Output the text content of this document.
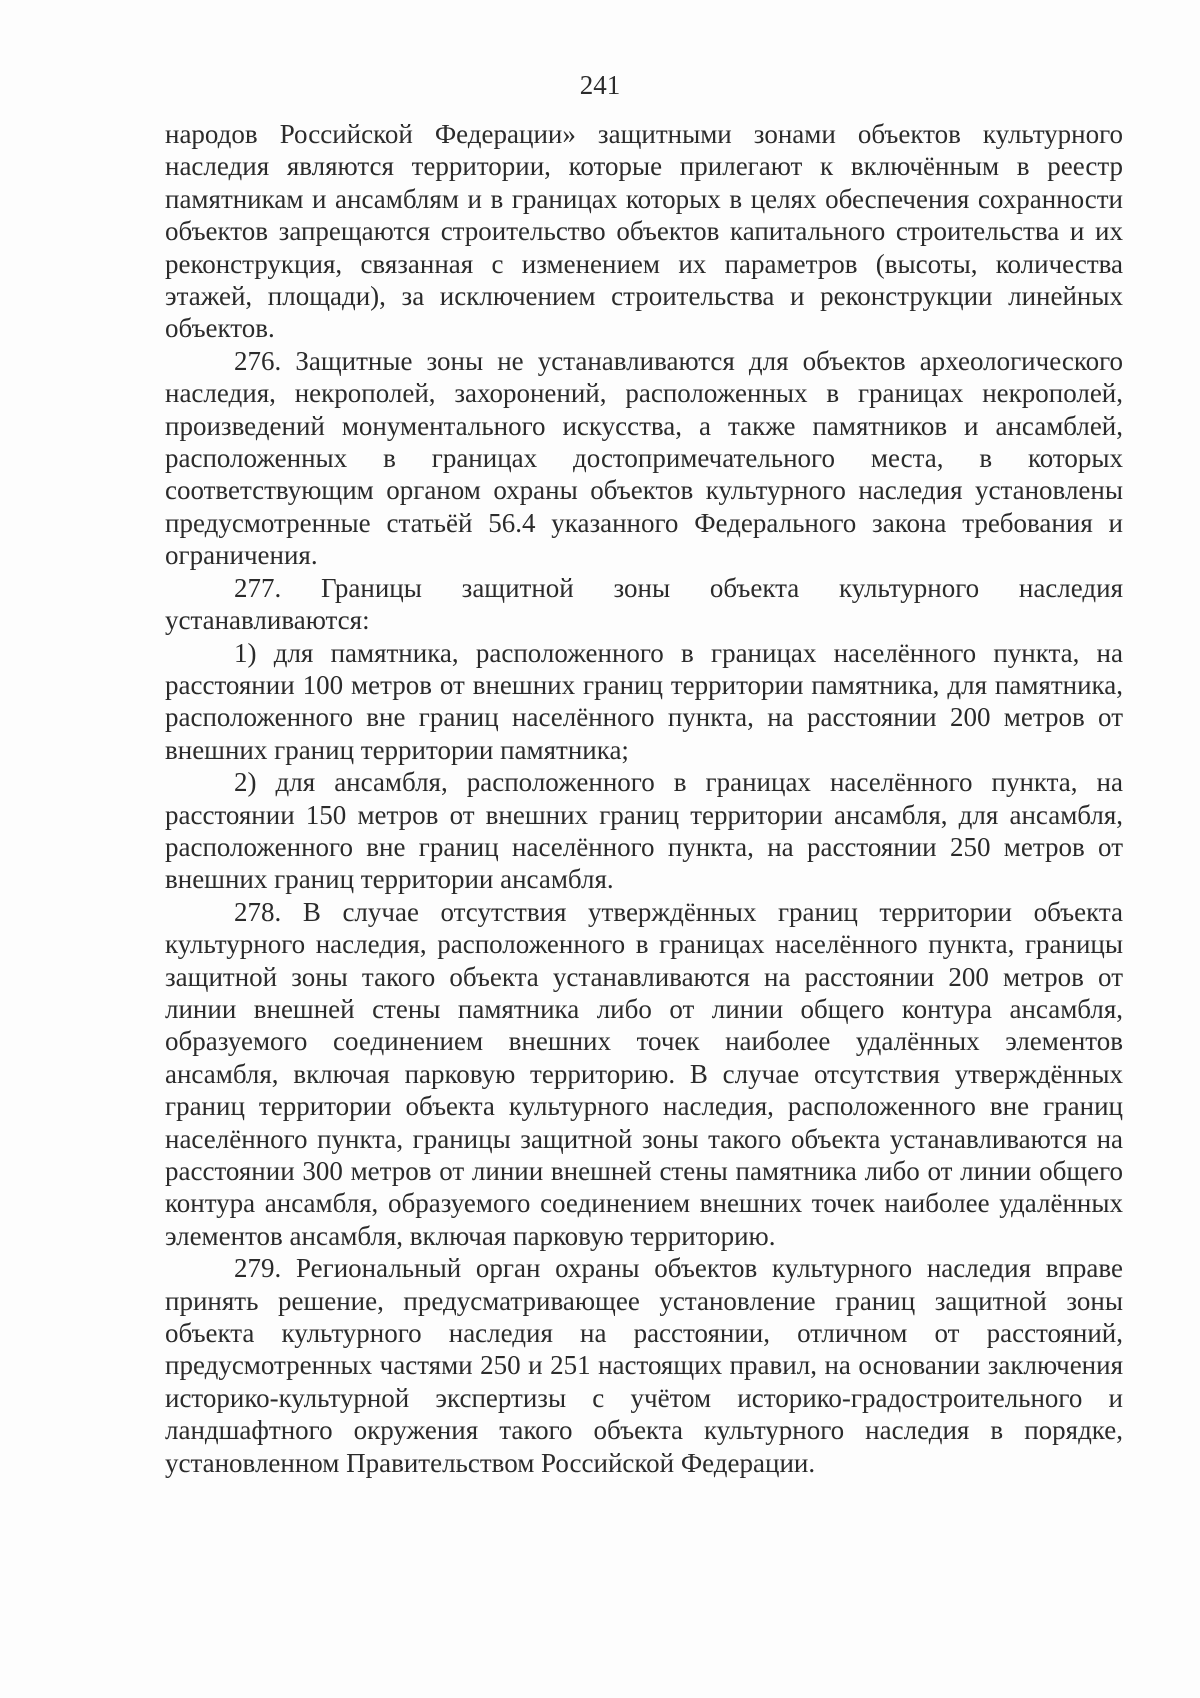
241

народов Российской Федерации» защитными зонами объектов культурного наследия являются территории, которые прилегают к включённым в реестр памятникам и ансамблям и в границах которых в целях обеспечения сохранности объектов запрещаются строительство объектов капитального строительства и их реконструкция, связанная с изменением их параметров (высоты, количества этажей, площади), за исключением строительства и реконструкции линейных объектов.

276. Защитные зоны не устанавливаются для объектов археологического наследия, некрополей, захоронений, расположенных в границах некрополей, произведений монументального искусства, а также памятников и ансамблей, расположенных в границах достопримечательного места, в которых соответствующим органом охраны объектов культурного наследия установлены предусмотренные статьёй 56.4 указанного Федерального закона требования и ограничения.

277. Границы защитной зоны объекта культурного наследия устанавливаются:

1) для памятника, расположенного в границах населённого пункта, на расстоянии 100 метров от внешних границ территории памятника, для памятника, расположенного вне границ населённого пункта, на расстоянии 200 метров от внешних границ территории памятника;

2) для ансамбля, расположенного в границах населённого пункта, на расстоянии 150 метров от внешних границ территории ансамбля, для ансамбля, расположенного вне границ населённого пункта, на расстоянии 250 метров от внешних границ территории ансамбля.

278. В случае отсутствия утверждённых границ территории объекта культурного наследия, расположенного в границах населённого пункта, границы защитной зоны такого объекта устанавливаются на расстоянии 200 метров от линии внешней стены памятника либо от линии общего контура ансамбля, образуемого соединением внешних точек наиболее удалённых элементов ансамбля, включая парковую территорию. В случае отсутствия утверждённых границ территории объекта культурного наследия, расположенного вне границ населённого пункта, границы защитной зоны такого объекта устанавливаются на расстоянии 300 метров от линии внешней стены памятника либо от линии общего контура ансамбля, образуемого соединением внешних точек наиболее удалённых элементов ансамбля, включая парковую территорию.

279. Региональный орган охраны объектов культурного наследия вправе принять решение, предусматривающее установление границ защитной зоны объекта культурного наследия на расстоянии, отличном от расстояний, предусмотренных частями 250 и 251 настоящих правил, на основании заключения историко-культурной экспертизы с учётом историко-градостроительного и ландшафтного окружения такого объекта культурного наследия в порядке, установленном Правительством Российской Федерации.
